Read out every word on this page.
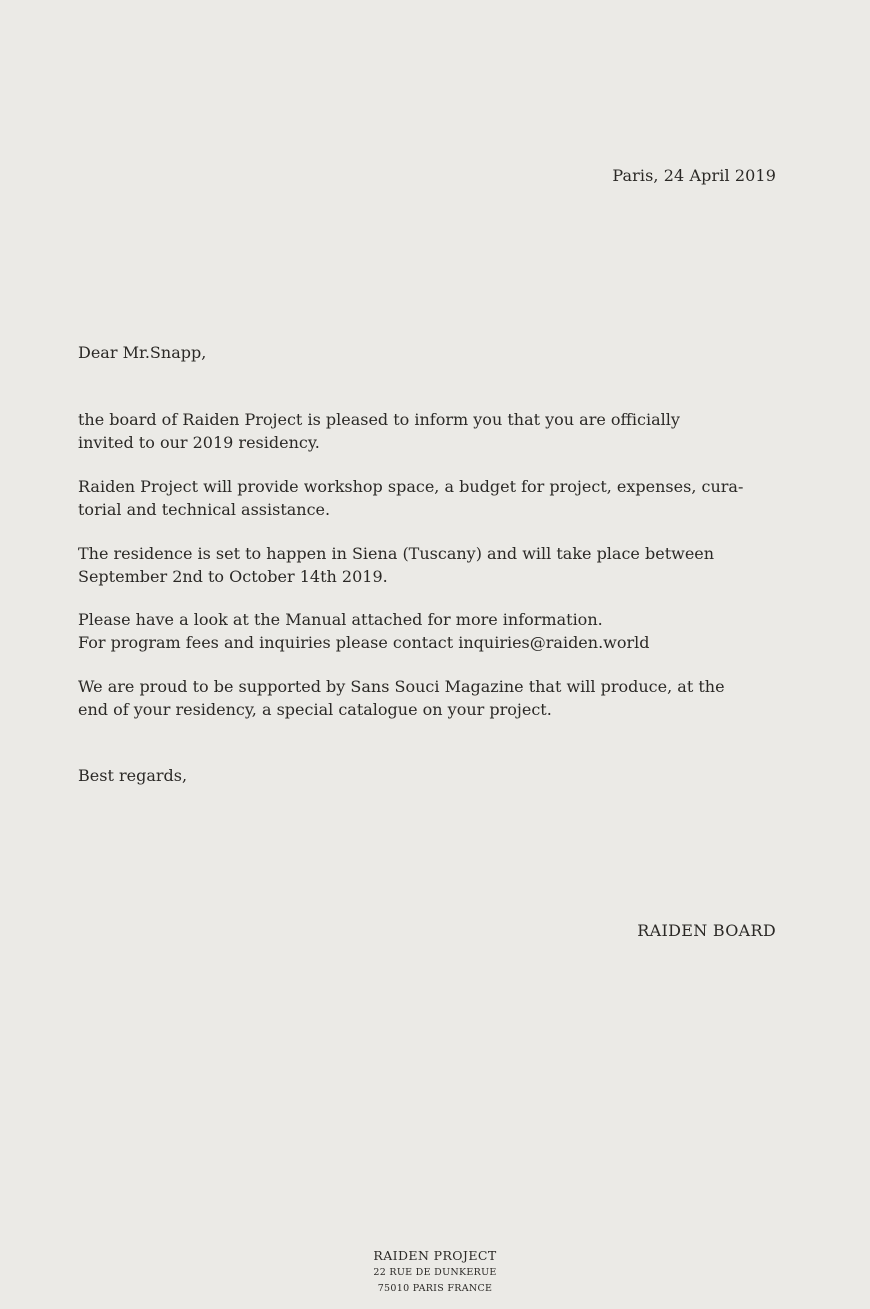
Paris, 24 April 2019
Dear Mr.Snapp,

the board of Raiden Project is pleased to inform you that you are officially
invited to our 2019 residency.

Raiden Project will provide workshop space, a budget for project, expenses, cura-
torial and technical assistance.

The residence is set to happen in Siena (Tuscany) and will take place between
September 2nd to October 14th 2019.

Please have a look at the Manual attached for more information.
For program fees and inquiries please contact inquiries@raiden.world

We are proud to be supported by Sans Souci Magazine that will produce, at the
end of your residency, a special catalogue on your project.

Best regards,
RAIDEN BOARD
RAIDEN PROJECT
22 RUE DE DUNKERUE
75010 PARIS FRANCE
